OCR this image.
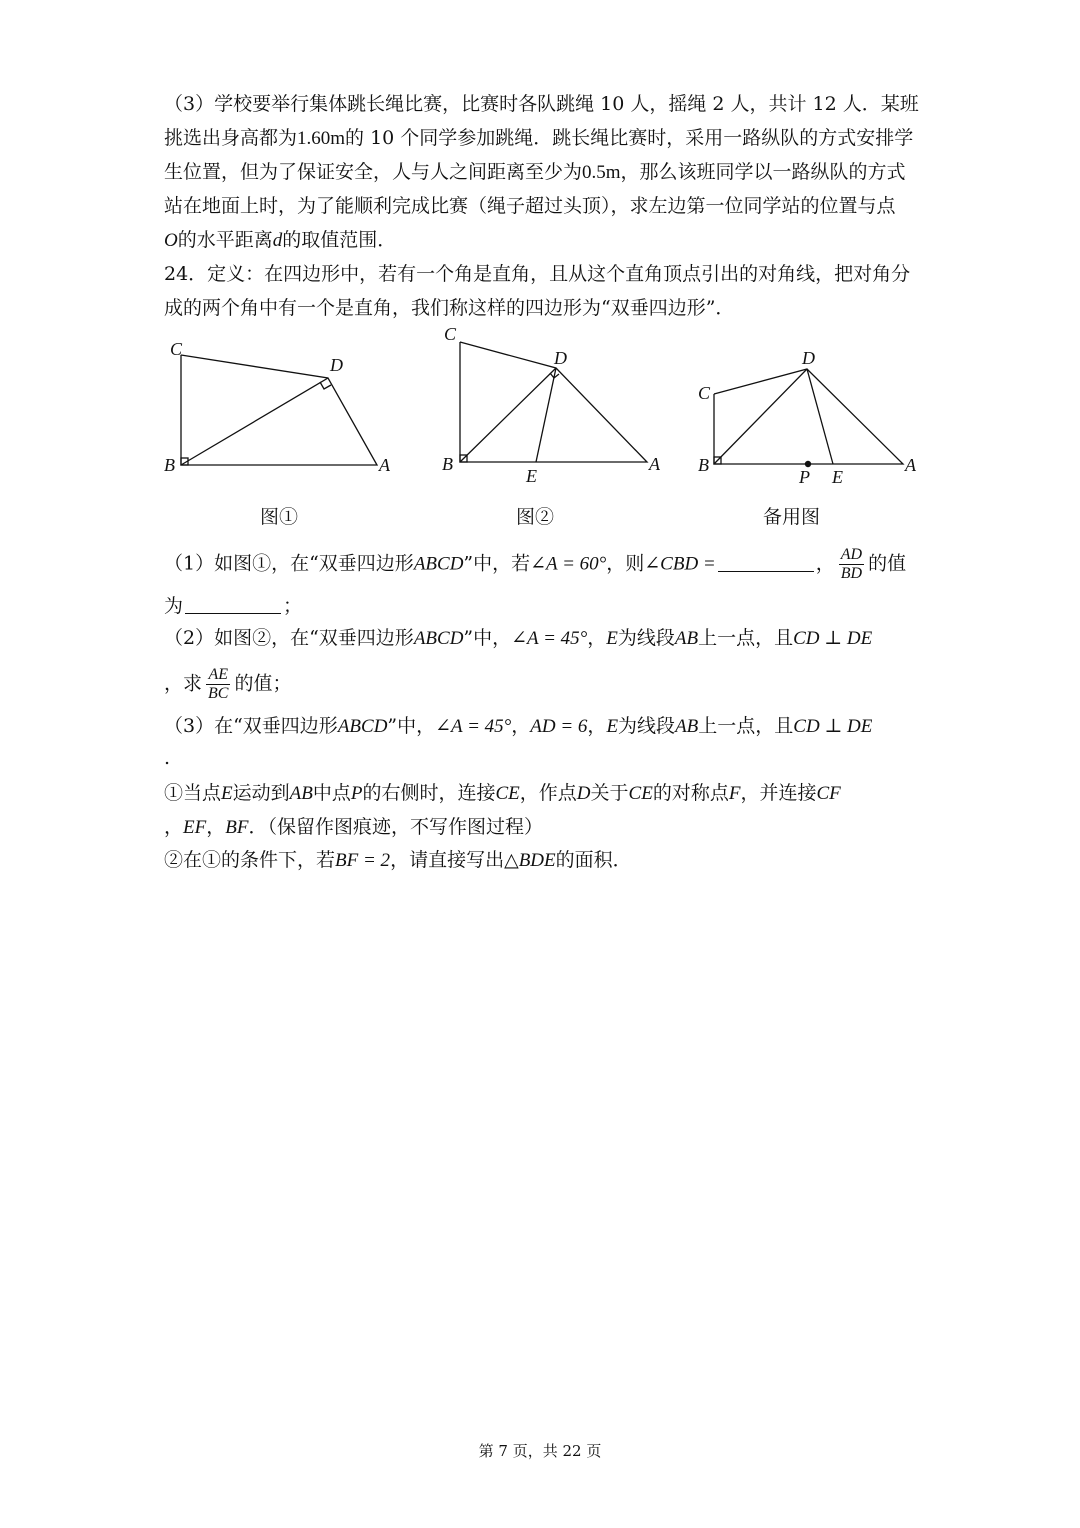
（3）学校要举行集体跳长绳比赛，比赛时各队跳绳 10 人，摇绳 2 人，共计 12 人．某班
挑选出身高都为1.60m的 10 个同学参加跳绳．跳长绳比赛时，采用一路纵队的方式安排学
生位置，但为了保证安全，人与人之间距离至少为0.5m，那么该班同学以一路纵队的方式
站在地面上时，为了能顺利完成比赛（绳子超过头顶），求左边第一位同学站的位置与点
O的水平距离d的取值范围．
24．定义：在四边形中，若有一个角是直角，且从这个直角顶点引出的对角线，把对角分
成的两个角中有一个是直角，我们称这样的四边形为“双垂四边形”．
C
D
B	A
C
D
B
E
A
C
D
B
P E
A
图①	图②	备用图
（1）如图①，在“双垂四边形ABCD”中，若∠A = 60°，则∠CBD =	， $\frac{AD}{BD}$ 的值
为	；
（2）如图②，在“双垂四边形ABCD”中，∠A = 45°，E为线段AB上一点，且CD ⊥ DE
，求 $\frac{AE}{BC}$ 的值；
（3）在“双垂四边形ABCD”中，∠A = 45°，AD = 6，E为线段AB上一点，且CD ⊥ DE
.
①当点E运动到AB中点P的右侧时，连接CE，作点D关于CE的对称点F，并连接CF
，EF，BF．（保留作图痕迹，不写作图过程）
②在①的条件下，若BF = 2，请直接写出△BDE的面积．
第 7 页，共 22 页
